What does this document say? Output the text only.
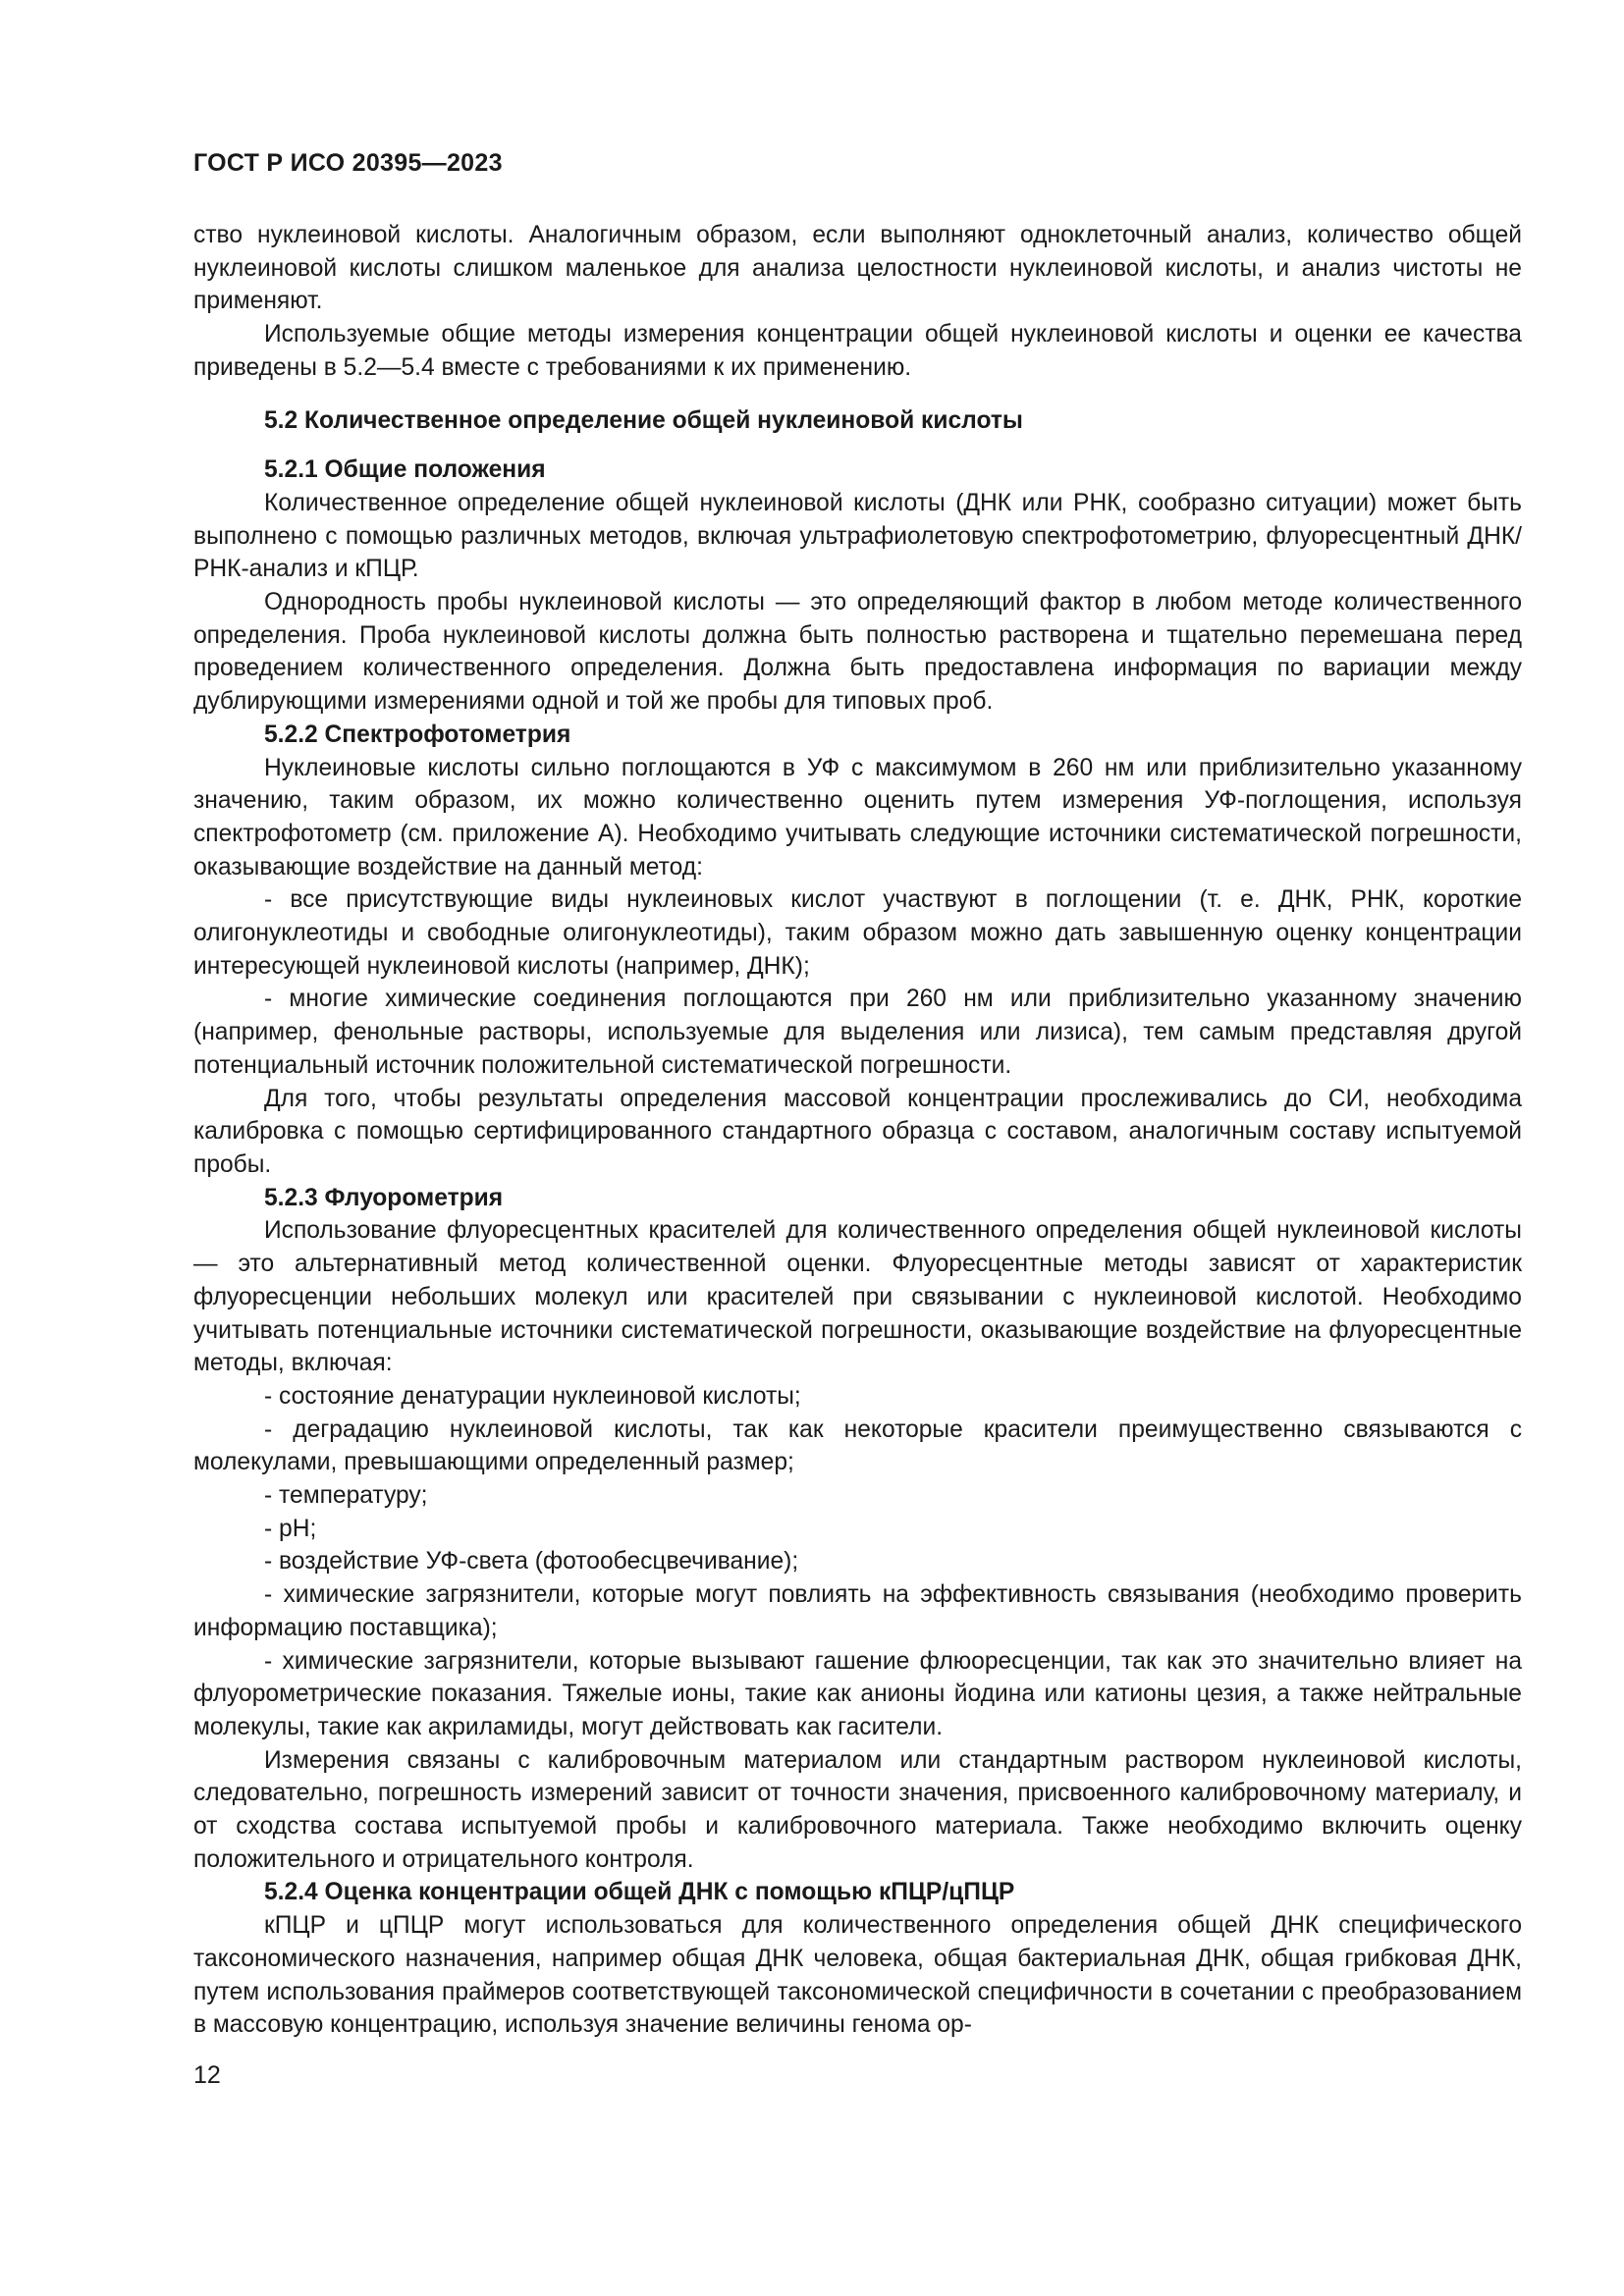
ГОСТ Р ИСО 20395—2023

ство нуклеиновой кислоты. Аналогичным образом, если выполняют одноклеточный анализ, количество общей нуклеиновой кислоты слишком маленькое для анализа целостности нуклеиновой кислоты, и анализ чистоты не применяют.

Используемые общие методы измерения концентрации общей нуклеиновой кислоты и оценки ее качества приведены в 5.2—5.4 вместе с требованиями к их применению.

5.2 Количественное определение общей нуклеиновой кислоты

5.2.1 Общие положения

Количественное определение общей нуклеиновой кислоты (ДНК или РНК, сообразно ситуации) может быть выполнено с помощью различных методов, включая ультрафиолетовую спектрофотометрию, флуоресцентный ДНК/РНК-анализ и кПЦР.

Однородность пробы нуклеиновой кислоты — это определяющий фактор в любом методе количественного определения. Проба нуклеиновой кислоты должна быть полностью растворена и тщательно перемешана перед проведением количественного определения. Должна быть предоставлена информация по вариации между дублирующими измерениями одной и той же пробы для типовых проб.

5.2.2 Спектрофотометрия

Нуклеиновые кислоты сильно поглощаются в УФ с максимумом в 260 нм или приблизительно указанному значению, таким образом, их можно количественно оценить путем измерения УФ-поглощения, используя спектрофотометр (см. приложение А). Необходимо учитывать следующие источники систематической погрешности, оказывающие воздействие на данный метод:

- все присутствующие виды нуклеиновых кислот участвуют в поглощении (т. е. ДНК, РНК, короткие олигонуклеотиды и свободные олигонуклеотиды), таким образом можно дать завышенную оценку концентрации интересующей нуклеиновой кислоты (например, ДНК);

- многие химические соединения поглощаются при 260 нм или приблизительно указанному значению (например, фенольные растворы, используемые для выделения или лизиса), тем самым представляя другой потенциальный источник положительной систематической погрешности.

Для того, чтобы результаты определения массовой концентрации прослеживались до СИ, необходима калибровка с помощью сертифицированного стандартного образца с составом, аналогичным составу испытуемой пробы.

5.2.3 Флуорометрия

Использование флуоресцентных красителей для количественного определения общей нуклеиновой кислоты — это альтернативный метод количественной оценки. Флуоресцентные методы зависят от характеристик флуоресценции небольших молекул или красителей при связывании с нуклеиновой кислотой. Необходимо учитывать потенциальные источники систематической погрешности, оказывающие воздействие на флуоресцентные методы, включая:

- состояние денатурации нуклеиновой кислоты;

- деградацию нуклеиновой кислоты, так как некоторые красители преимущественно связываются с молекулами, превышающими определенный размер;

- температуру;

- pH;

- воздействие УФ-света (фотообесцвечивание);

- химические загрязнители, которые могут повлиять на эффективность связывания (необходимо проверить информацию поставщика);

- химические загрязнители, которые вызывают гашение флюоресценции, так как это значительно влияет на флуорометрические показания. Тяжелые ионы, такие как анионы йодина или катионы цезия, а также нейтральные молекулы, такие как акриламиды, могут действовать как гасители.

Измерения связаны с калибровочным материалом или стандартным раствором нуклеиновой кислоты, следовательно, погрешность измерений зависит от точности значения, присвоенного калибровочному материалу, и от сходства состава испытуемой пробы и калибровочного материала. Также необходимо включить оценку положительного и отрицательного контроля.

5.2.4 Оценка концентрации общей ДНК с помощью кПЦР/цПЦР

кПЦР и цПЦР могут использоваться для количественного определения общей ДНК специфического таксономического назначения, например общая ДНК человека, общая бактериальная ДНК, общая грибковая ДНК, путем использования праймеров соответствующей таксономической специфичности в сочетании с преобразованием в массовую концентрацию, используя значение величины генома ор-

12
